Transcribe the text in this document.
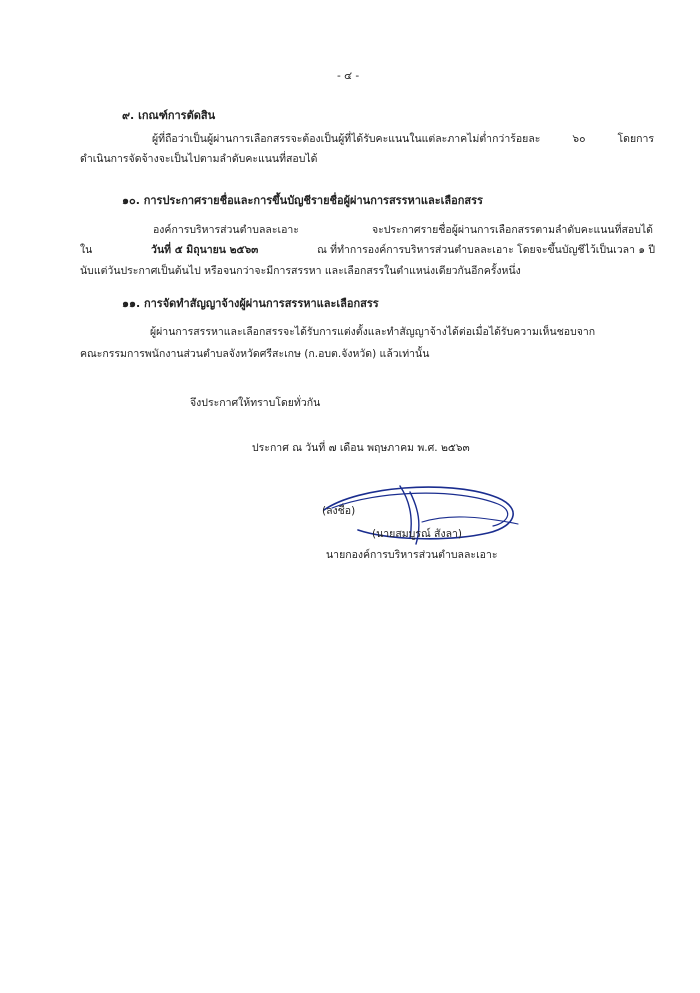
- ๔ -
๙. เกณฑ์การตัดสิน
ผู้ที่ถือว่าเป็นผู้ผ่านการเลือกสรรจะต้องเป็นผู้ที่ได้รับคะแนนในแต่ละภาคไม่ต่ำกว่าร้อยละ ๖๐ โดยการ
ดำเนินการจัดจ้างจะเป็นไปตามลำดับคะแนนที่สอบได้
๑๐. การประกาศรายชื่อและการขึ้นบัญชีรายชื่อผู้ผ่านการสรรหาและเลือกสรร
องค์การบริหารส่วนตำบลละเอาะ จะประกาศรายชื่อผู้ผ่านการเลือกสรรตามลำดับคะแนนที่สอบได้
ใน	วันที่ ๕ มิถุนายน ๒๕๖๓	ณ ที่ทำการองค์การบริหารส่วนตำบลละเอาะ โดยจะขึ้นบัญชีไว้เป็นเวลา ๑ ปี
นับแต่วันประกาศเป็นต้นไป หรือจนกว่าจะมีการสรรหา และเลือกสรรในตำแหน่งเดียวกันอีกครั้งหนึ่ง
๑๑. การจัดทำสัญญาจ้างผู้ผ่านการสรรหาและเลือกสรร
ผู้ผ่านการสรรหาและเลือกสรรจะได้รับการแต่งตั้งและทำสัญญาจ้างได้ต่อเมื่อได้รับความเห็นชอบจาก
คณะกรรมการพนักงานส่วนตำบลจังหวัดศรีสะเกษ (ก.อบต.จังหวัด) แล้วเท่านั้น
จึงประกาศให้ทราบโดยทั่วกัน
ประกาศ ณ วันที่ ๗ เดือน พฤษภาคม พ.ศ. ๒๕๖๓
(ลงชื่อ)
(นายสมบูรณ์ สังลา)
นายกองค์การบริหารส่วนตำบลละเอาะ
